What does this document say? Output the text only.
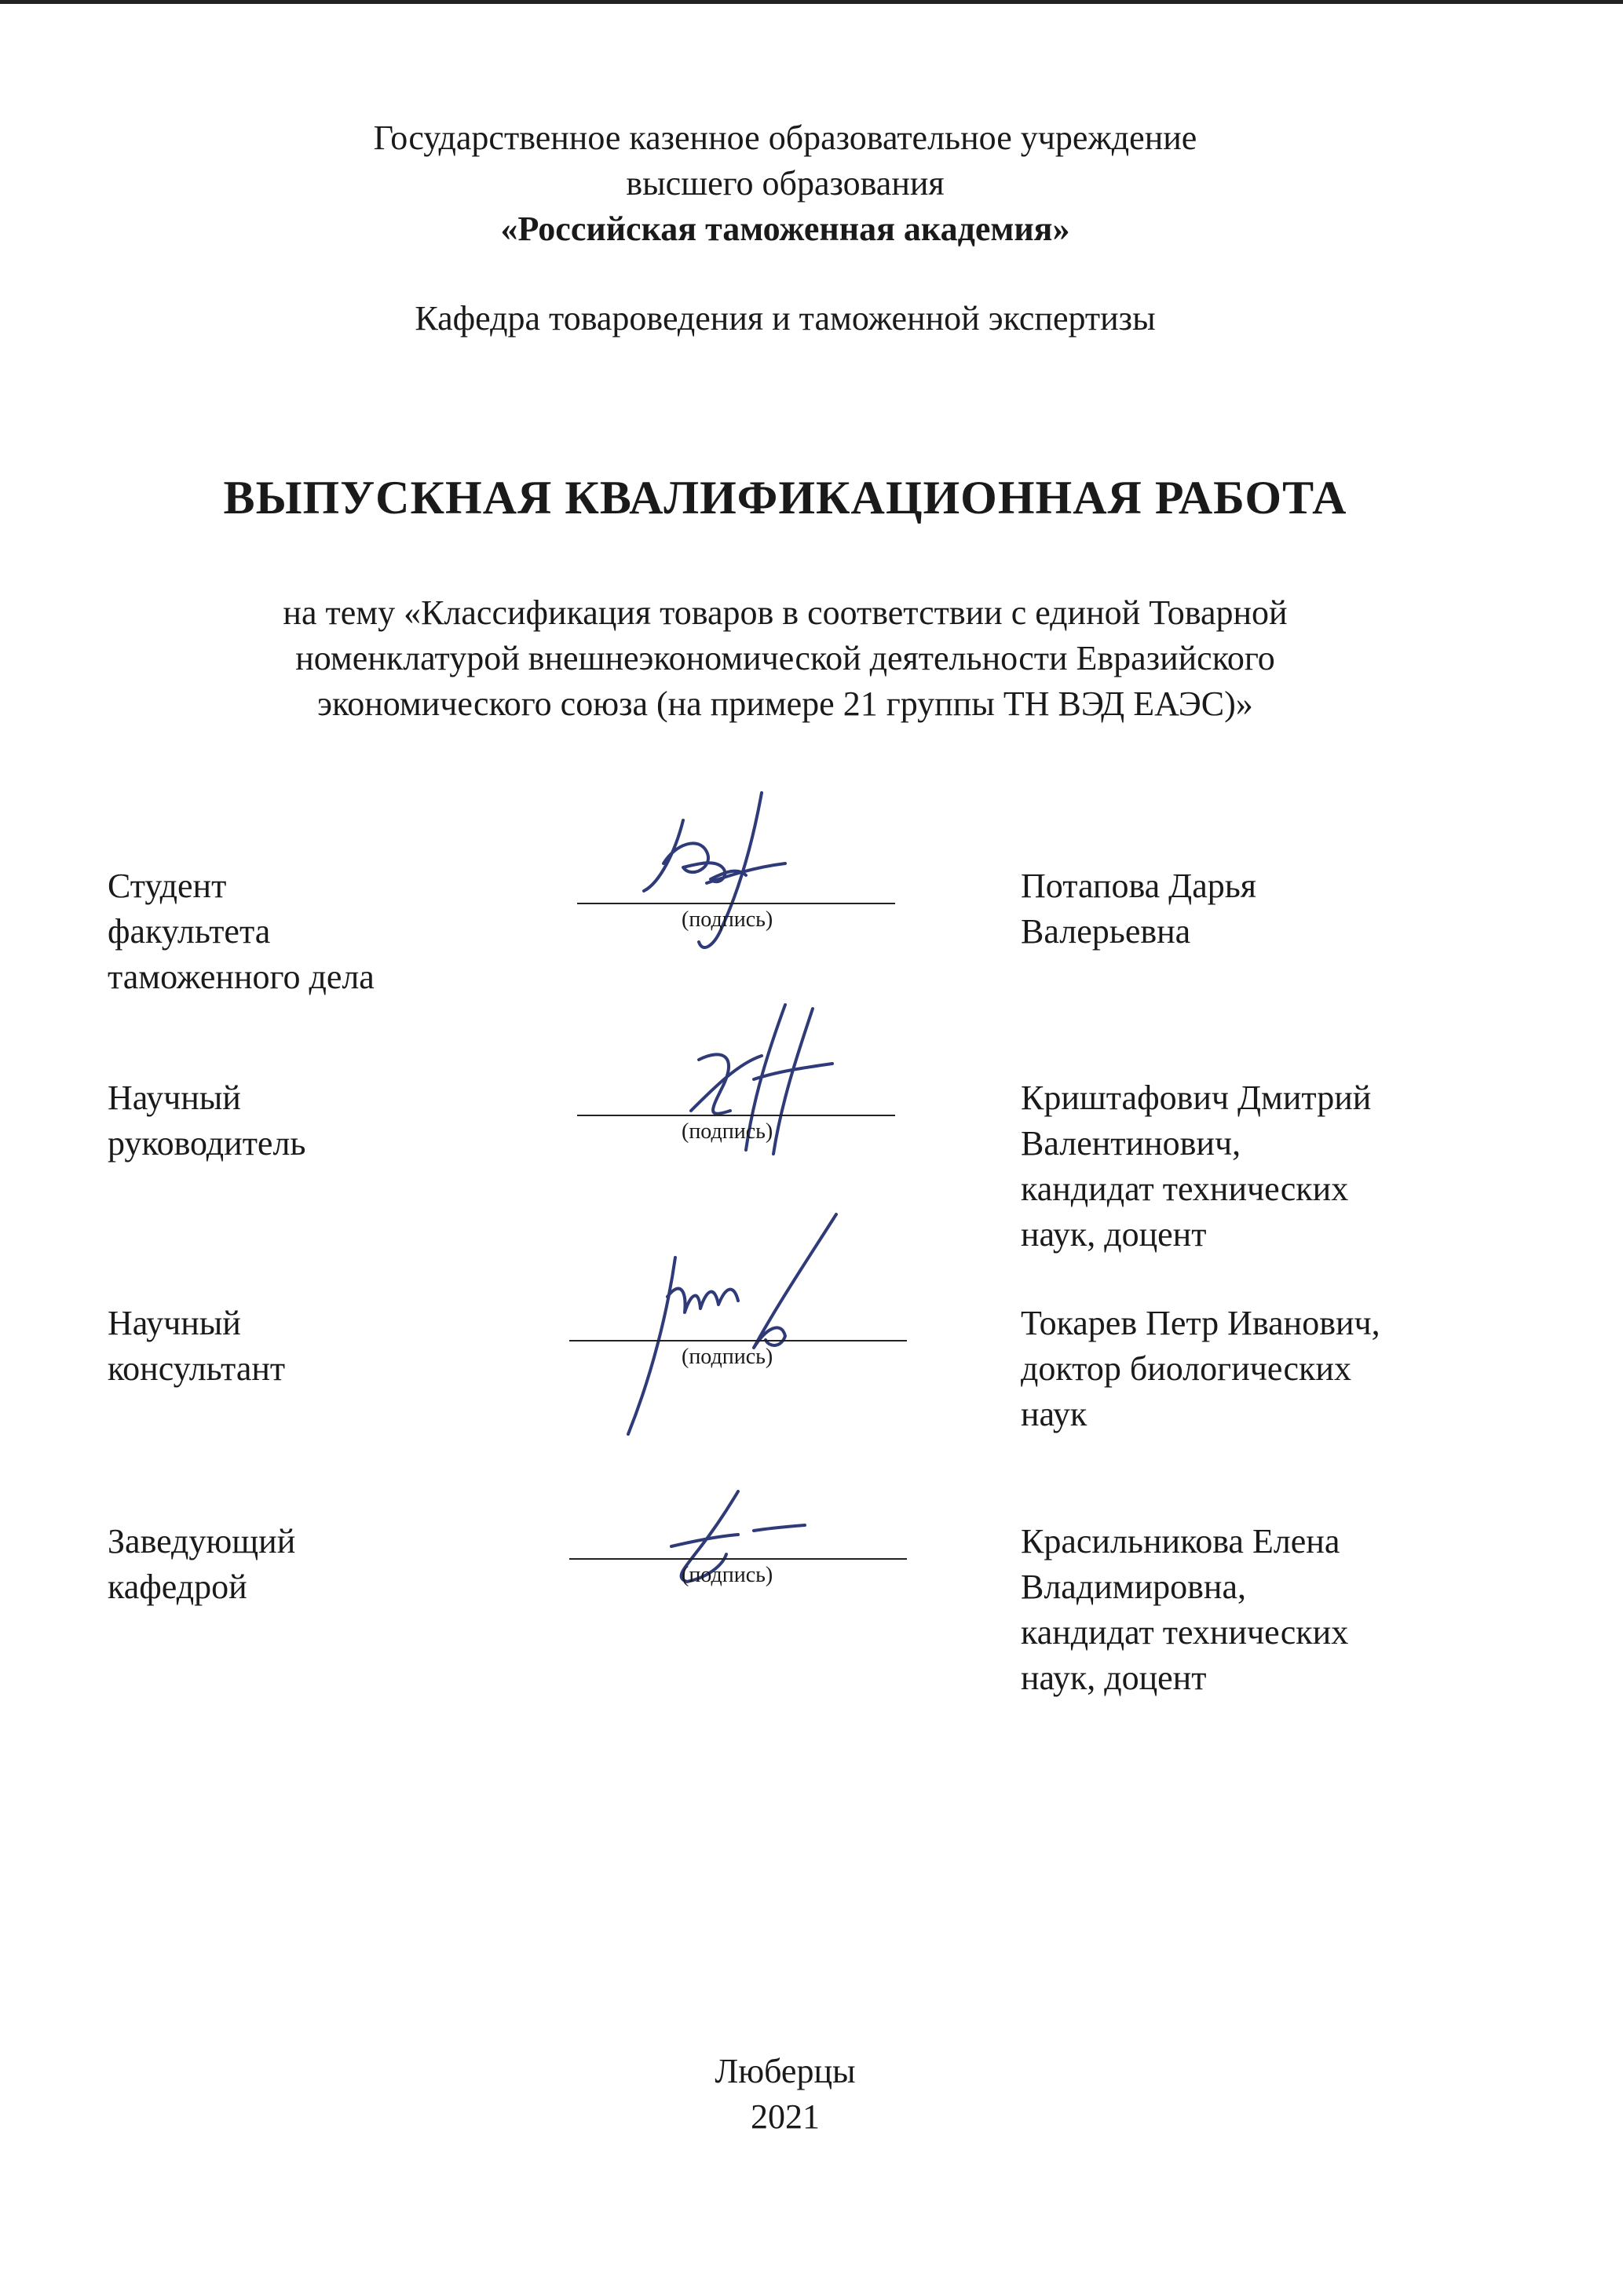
Государственное казенное образовательное учреждение
высшего образования
«Российская таможенная академия»
Кафедра товароведения и таможенной экспертизы
ВЫПУСКНАЯ КВАЛИФИКАЦИОННАЯ РАБОТА
на тему «Классификация товаров в соответствии с единой Товарной
номенклатурой внешнеэкономической деятельности Евразийского
экономического союза (на примере 21 группы ТН ВЭД ЕАЭС)»
Студент
факультета
таможенного дела
(подпись)
Потапова Дарья
Валерьевна
Научный
руководитель	(подпись)
Криштафович Дмитрий
Валентинович,
кандидат технических
наук, доцент
Научный
консультант	(подпись)
Токарев Петр Иванович,
доктор биологических
наук
Заведующий
кафедрой	(подпись)
Красильникова Елена
Владимировна,
кандидат технических
наук, доцент
Люберцы
2021
